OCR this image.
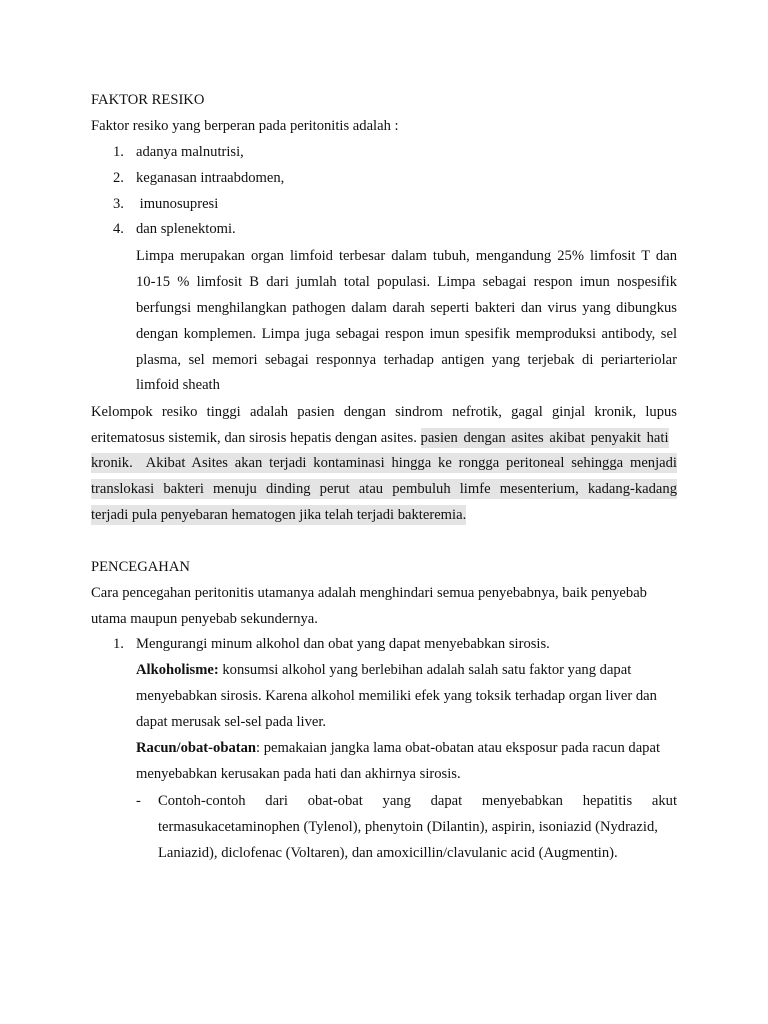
FAKTOR RESIKO
Faktor resiko yang berperan pada peritonitis adalah :
1. adanya malnutrisi,
2. keganasan intraabdomen,
3. imunosupresi
4. dan splenektomi.
Limpa merupakan organ limfoid terbesar dalam tubuh, mengandung 25% limfosit T dan
10-15 % limfosit B dari jumlah total populasi. Limpa sebagai respon imun nospesifik
berfungsi menghilangkan pathogen dalam darah seperti bakteri dan virus yang dibungkus
dengan komplemen. Limpa juga sebagai respon imun spesifik memproduksi antibody, sel
plasma, sel memori sebagai responnya terhadap antigen yang terjebak di periarteriolar
limfoid sheath
Kelompok resiko tinggi adalah pasien dengan sindrom nefrotik, gagal ginjal kronik, lupus
eritematosus sistemik, dan sirosis hepatis dengan asites. pasien dengan asites akibat penyakit hati
kronik.  Akibat Asites akan terjadi kontaminasi hingga ke rongga peritoneal sehingga menjadi
translokasi bakteri menuju dinding perut atau pembuluh limfe mesenterium, kadang-kadang
terjadi pula penyebaran hematogen jika telah terjadi bakteremia.
PENCEGAHAN
Cara pencegahan peritonitis utamanya adalah menghindari semua penyebabnya, baik penyebab
utama maupun penyebab sekundernya.
1. Mengurangi minum alkohol dan obat yang dapat menyebabkan sirosis.
Alkoholisme: konsumsi alkohol yang berlebihan adalah salah satu faktor yang dapat
menyebabkan sirosis. Karena alkohol memiliki efek yang toksik terhadap organ liver dan
dapat merusak sel-sel pada liver.
Racun/obat-obatan: pemakaian jangka lama obat-obatan atau eksposur pada racun dapat
menyebabkan kerusakan pada hati dan akhirnya sirosis.
- Contoh-contoh dari obat-obat yang dapat menyebabkan hepatitis akut
termasukacetaminophen (Tylenol), phenytoin (Dilantin), aspirin, isoniazid (Nydrazid,
Laniazid), diclofenac (Voltaren), dan amoxicillin/clavulanic acid (Augmentin).
